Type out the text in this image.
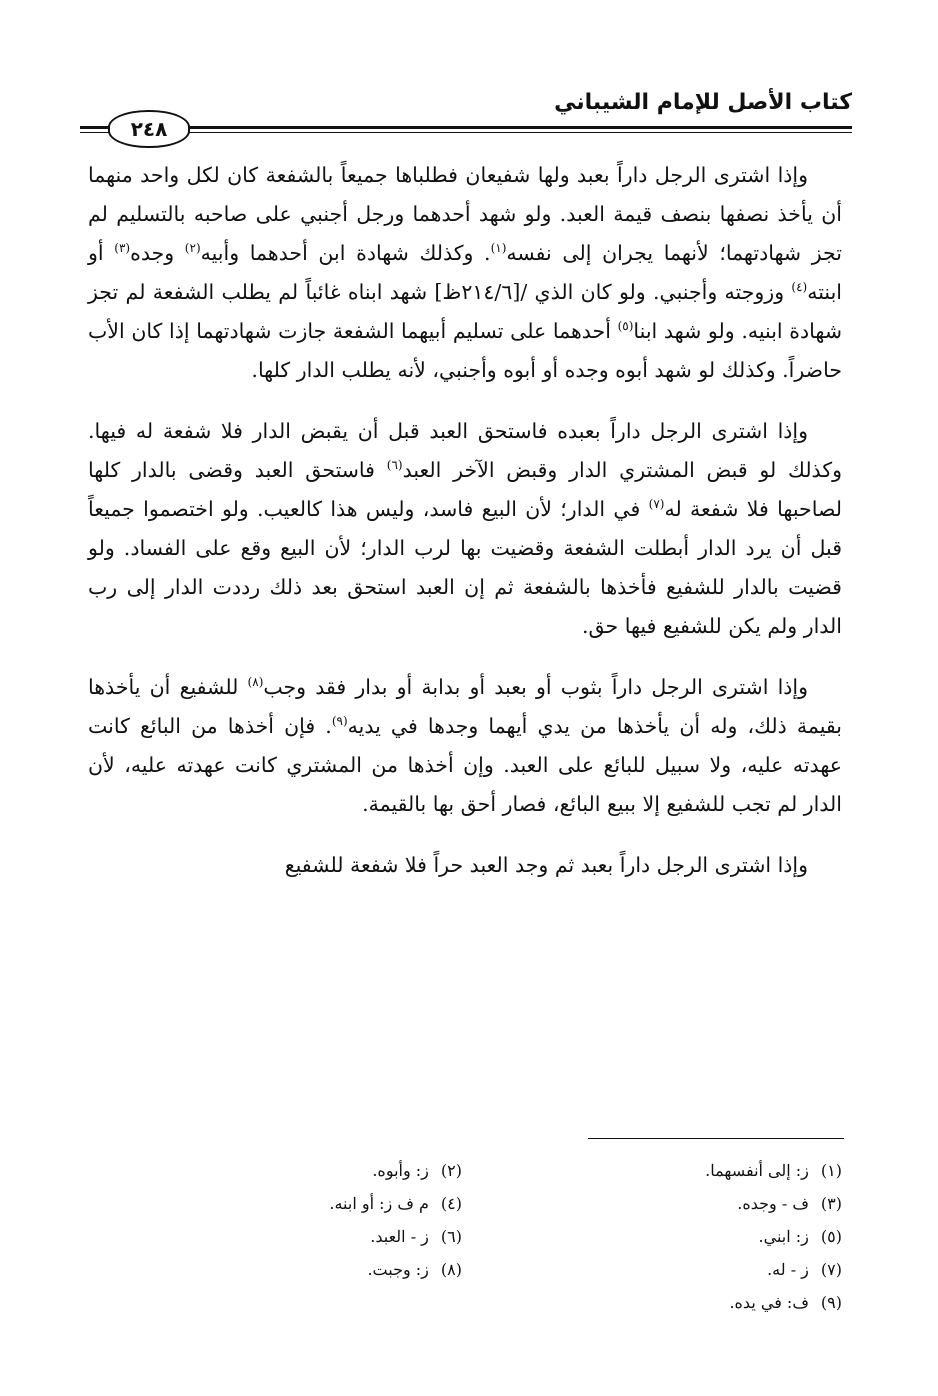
كتاب الأصل للإمام الشيباني
٢٤٨

وإذا اشترى الرجل داراً بعبد ولها شفيعان فطلباها جميعاً بالشفعة كان لكل واحد منهما أن يأخذ نصفها بنصف قيمة العبد. ولو شهد أحدهما ورجل أجنبي على صاحبه بالتسليم لم تجز شهادتهما؛ لأنهما يجران إلى نفسه$^{(١)}$. وكذلك شهادة ابن أحدهما وأبيه$^{(٢)}$ وجده$^{(٣)}$ أو ابنته$^{(٤)}$ وزوجته وأجنبي. ولو كان الذي /[٢١٤/٦ظ] شهد ابناه غائباً لم يطلب الشفعة لم تجز شهادة ابنيه. ولو شهد ابنا$^{(٥)}$ أحدهما على تسليم أبيهما الشفعة جازت شهادتهما إذا كان الأب حاضراً. وكذلك لو شهد أبوه وجده أو أبوه وأجنبي، لأنه يطلب الدار كلها.

وإذا اشترى الرجل داراً بعبده فاستحق العبد قبل أن يقبض الدار فلا شفعة له فيها. وكذلك لو قبض المشتري الدار وقبض الآخر العبد$^{(٦)}$ فاستحق العبد وقضى بالدار كلها لصاحبها فلا شفعة له$^{(٧)}$ في الدار؛ لأن البيع فاسد، وليس هذا كالعيب. ولو اختصموا جميعاً قبل أن يرد الدار أبطلت الشفعة وقضيت بها لرب الدار؛ لأن البيع وقع على الفساد. ولو قضيت بالدار للشفيع فأخذها بالشفعة ثم إن العبد استحق بعد ذلك رددت الدار إلى رب الدار ولم يكن للشفيع فيها حق.

وإذا اشترى الرجل داراً بثوب أو بعبد أو بدابة أو بدار فقد وجب$^{(٨)}$ للشفيع أن يأخذها بقيمة ذلك، وله أن يأخذها من يدي أيهما وجدها في يديه$^{(٩)}$. فإن أخذها من البائع كانت عهدته عليه، ولا سبيل للبائع على العبد. وإن أخذها من المشتري كانت عهدته عليه، لأن الدار لم تجب للشفيع إلا ببيع البائع، فصار أحق بها بالقيمة.

وإذا اشترى الرجل داراً بعبد ثم وجد العبد حراً فلا شفعة للشفيع

(١)ز: إلى أنفسهما.
(٣)ف - وجده.
(٥)ز: ابني.
(٧)ز - له.
(٩)ف: في يده.
(٢)ز: وأبوه.
(٤)م ف ز: أو ابنه.
(٦)ز - العبد.
(٨)ز: وجبت.
